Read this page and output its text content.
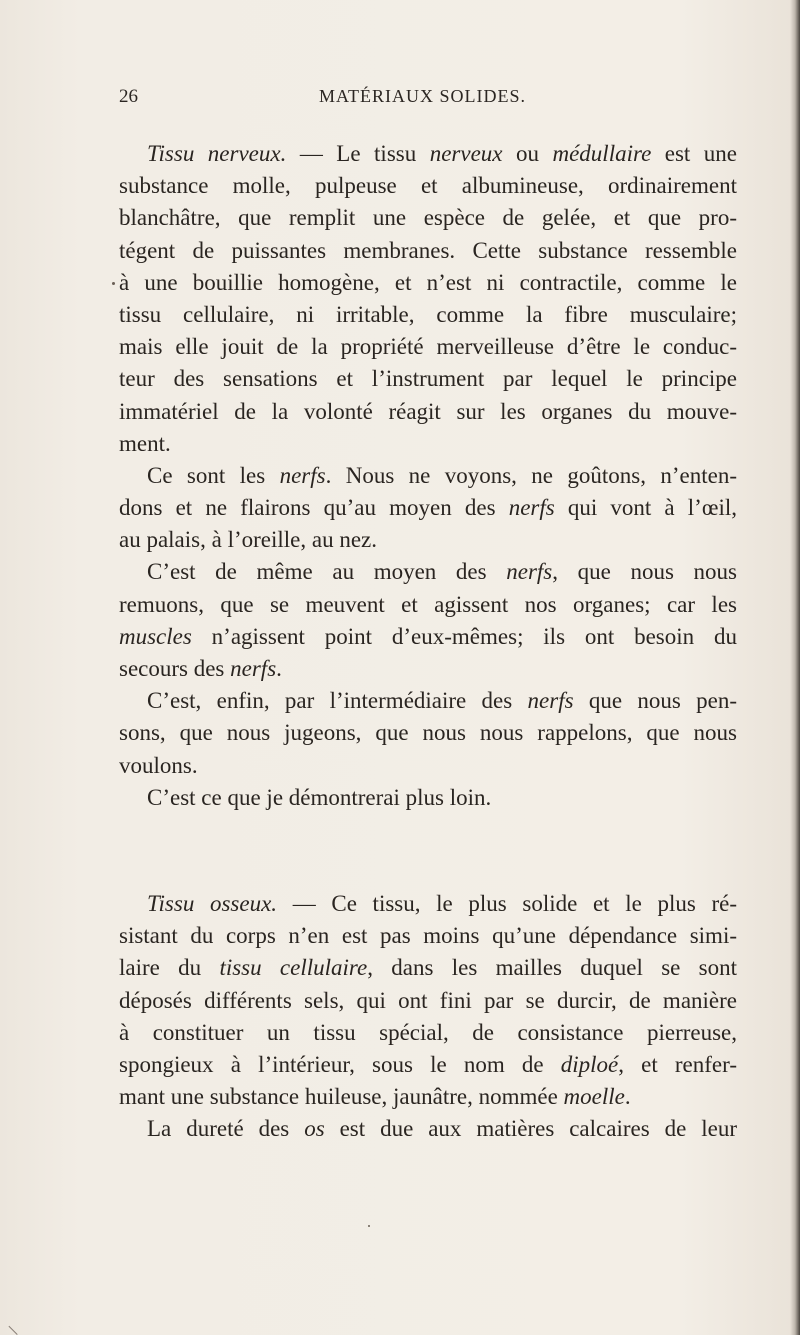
26	MATÉRIAUX SOLIDES.
Tissu nerveux. — Le tissu nerveux ou médullaire est une
substance molle, pulpeuse et albumineuse, ordinairement
blanchâtre, que remplit une espèce de gelée, et que pro-
tégent de puissantes membranes. Cette substance ressemble
à une bouillie homogène, et n’est ni contractile, comme le
tissu cellulaire, ni irritable, comme la fibre musculaire;
mais elle jouit de la propriété merveilleuse d’être le conduc-
teur des sensations et l’instrument par lequel le principe
immatériel de la volonté réagit sur les organes du mouve-
ment.
Ce sont les nerfs. Nous ne voyons, ne goûtons, n’enten-
dons et ne flairons qu’au moyen des nerfs qui vont à l’œil,
au palais, à l’oreille, au nez.
C’est de même au moyen des nerfs, que nous nous
remuons, que se meuvent et agissent nos organes; car les
muscles n’agissent point d’eux-mêmes; ils ont besoin du
secours des nerfs.
C’est, enfin, par l’intermédiaire des nerfs que nous pen-
sons, que nous jugeons, que nous nous rappelons, que nous
voulons.
C’est ce que je démontrerai plus loin.
Tissu osseux. — Ce tissu, le plus solide et le plus ré-
sistant du corps n’en est pas moins qu’une dépendance simi-
laire du tissu cellulaire, dans les mailles duquel se sont
déposés différents sels, qui ont fini par se durcir, de manière
à constituer un tissu spécial, de consistance pierreuse,
spongieux à l’intérieur, sous le nom de diploé, et renfer-
mant une substance huileuse, jaunâtre, nommée moelle.
La dureté des os est due aux matières calcaires de leur
